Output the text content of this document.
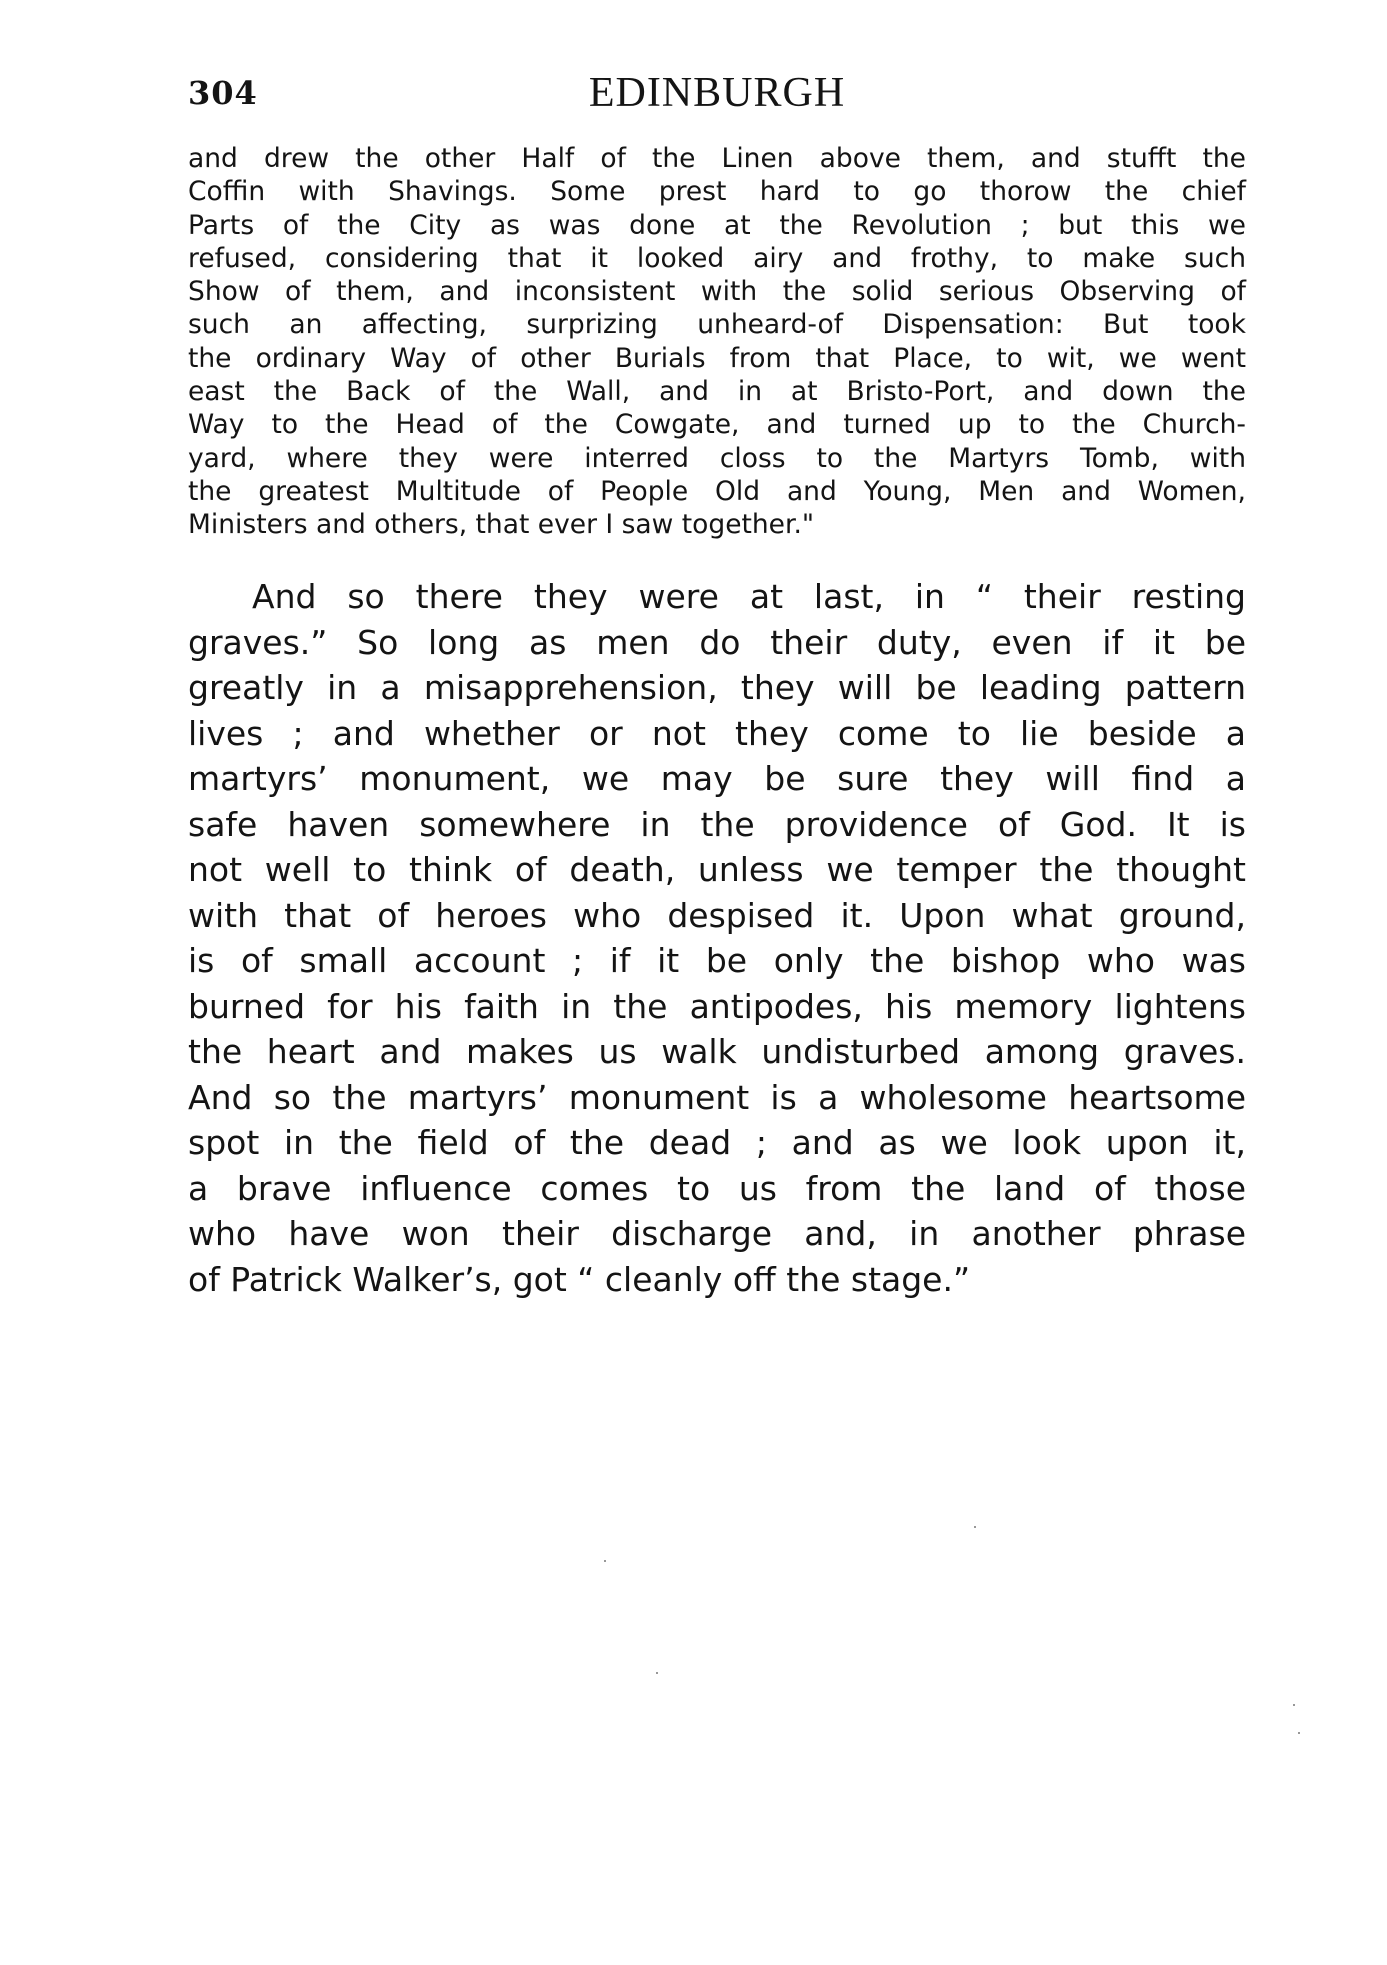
304	EDINBURGH
and drew the other Half of the Linen above them, and stufft the
Coffin with Shavings. Some prest hard to go thorow the chief
Parts of the City as was done at the Revolution ; but this we
refused, considering that it looked airy and frothy, to make such
Show of them, and inconsistent with the solid serious Observing of
such an affecting, surprizing unheard-of Dispensation: But took
the ordinary Way of other Burials from that Place, to wit, we went
east the Back of the Wall, and in at Bristo-Port, and down the
Way to the Head of the Cowgate, and turned up to the Church-
yard, where they were interred closs to the Martyrs Tomb, with
the greatest Multitude of People Old and Young, Men and Women,
Ministers and others, that ever I saw together."
And so there they were at last, in “ their resting
graves.” So long as men do their duty, even if it be
greatly in a misapprehension, they will be leading pattern
lives ; and whether or not they come to lie beside a
martyrs’ monument, we may be sure they will find a
safe haven somewhere in the providence of God. It is
not well to think of death, unless we temper the thought
with that of heroes who despised it. Upon what ground,
is of small account ; if it be only the bishop who was
burned for his faith in the antipodes, his memory lightens
the heart and makes us walk undisturbed among graves.
And so the martyrs’ monument is a wholesome heartsome
spot in the field of the dead ; and as we look upon it,
a brave influence comes to us from the land of those
who have won their discharge and, in another phrase
of Patrick Walker’s, got “ cleanly off the stage.”
